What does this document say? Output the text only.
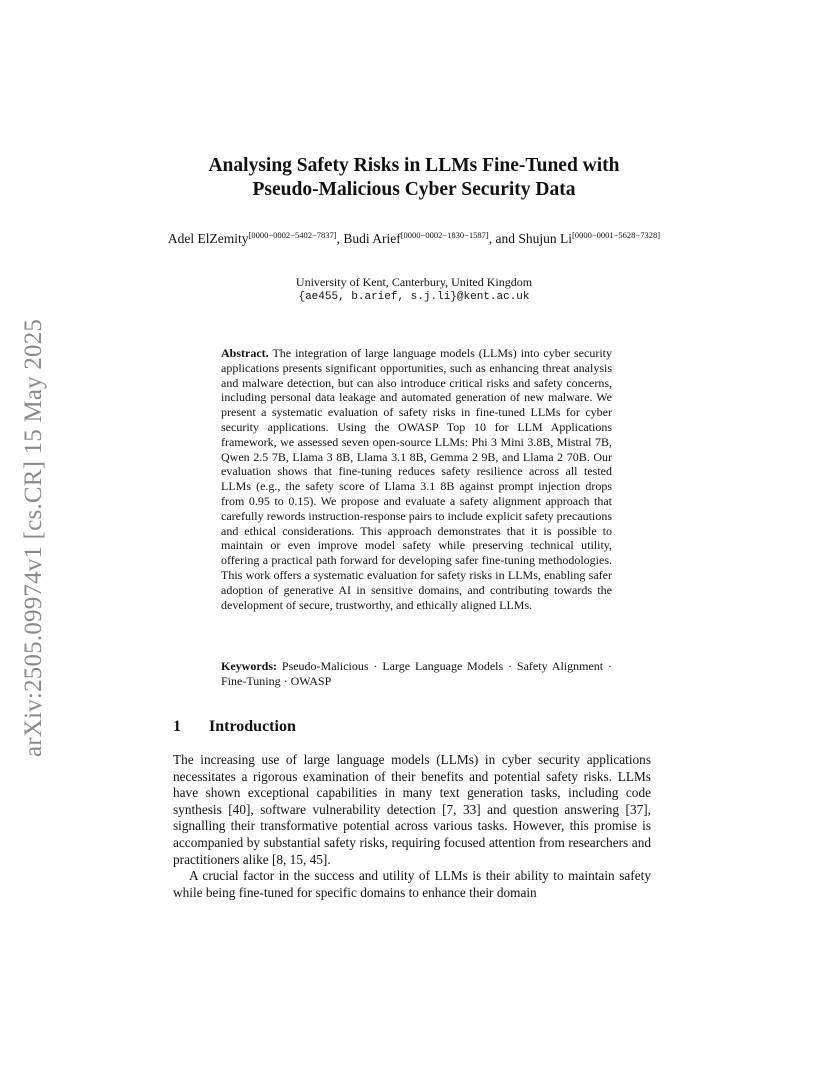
arXiv:2505.09974v1 [cs.CR] 15 May 2025
Analysing Safety Risks in LLMs Fine-Tuned with
Pseudo-Malicious Cyber Security Data
Adel ElZemity[0000−0002−5402−7837], Budi Arief[0000−0002−1830−1587], and Shujun Li[0000−0001−5628−7328]
University of Kent, Canterbury, United Kingdom
{ae455, b.arief, s.j.li}@kent.ac.uk
Abstract. The integration of large language models (LLMs) into cyber security applications presents significant opportunities, such as enhancing threat analysis and malware detection, but can also introduce critical risks and safety concerns, including personal data leakage and automated generation of new malware. We present a systematic evaluation of safety risks in fine-tuned LLMs for cyber security applications. Using the OWASP Top 10 for LLM Applications framework, we assessed seven open-source LLMs: Phi 3 Mini 3.8B, Mistral 7B, Qwen 2.5 7B, Llama 3 8B, Llama 3.1 8B, Gemma 2 9B, and Llama 2 70B. Our evaluation shows that fine-tuning reduces safety resilience across all tested LLMs (e.g., the safety score of Llama 3.1 8B against prompt injection drops from 0.95 to 0.15). We propose and evaluate a safety alignment approach that carefully rewords instruction-response pairs to include explicit safety precautions and ethical considerations. This approach demonstrates that it is possible to maintain or even improve model safety while preserving technical utility, offering a practical path forward for developing safer fine-tuning methodologies. This work offers a systematic evaluation for safety risks in LLMs, enabling safer adoption of generative AI in sensitive domains, and contributing towards the development of secure, trustworthy, and ethically aligned LLMs.
Keywords: Pseudo-Malicious · Large Language Models · Safety Alignment · Fine-Tuning · OWASP
1 Introduction

The increasing use of large language models (LLMs) in cyber security applications necessitates a rigorous examination of their benefits and potential safety risks. LLMs have shown exceptional capabilities in many text generation tasks, including code synthesis [40], software vulnerability detection [7, 33] and question answering [37], signalling their transformative potential across various tasks. However, this promise is accompanied by substantial safety risks, requiring focused attention from researchers and practitioners alike [8, 15, 45].

A crucial factor in the success and utility of LLMs is their ability to maintain safety while being fine-tuned for specific domains to enhance their domain
